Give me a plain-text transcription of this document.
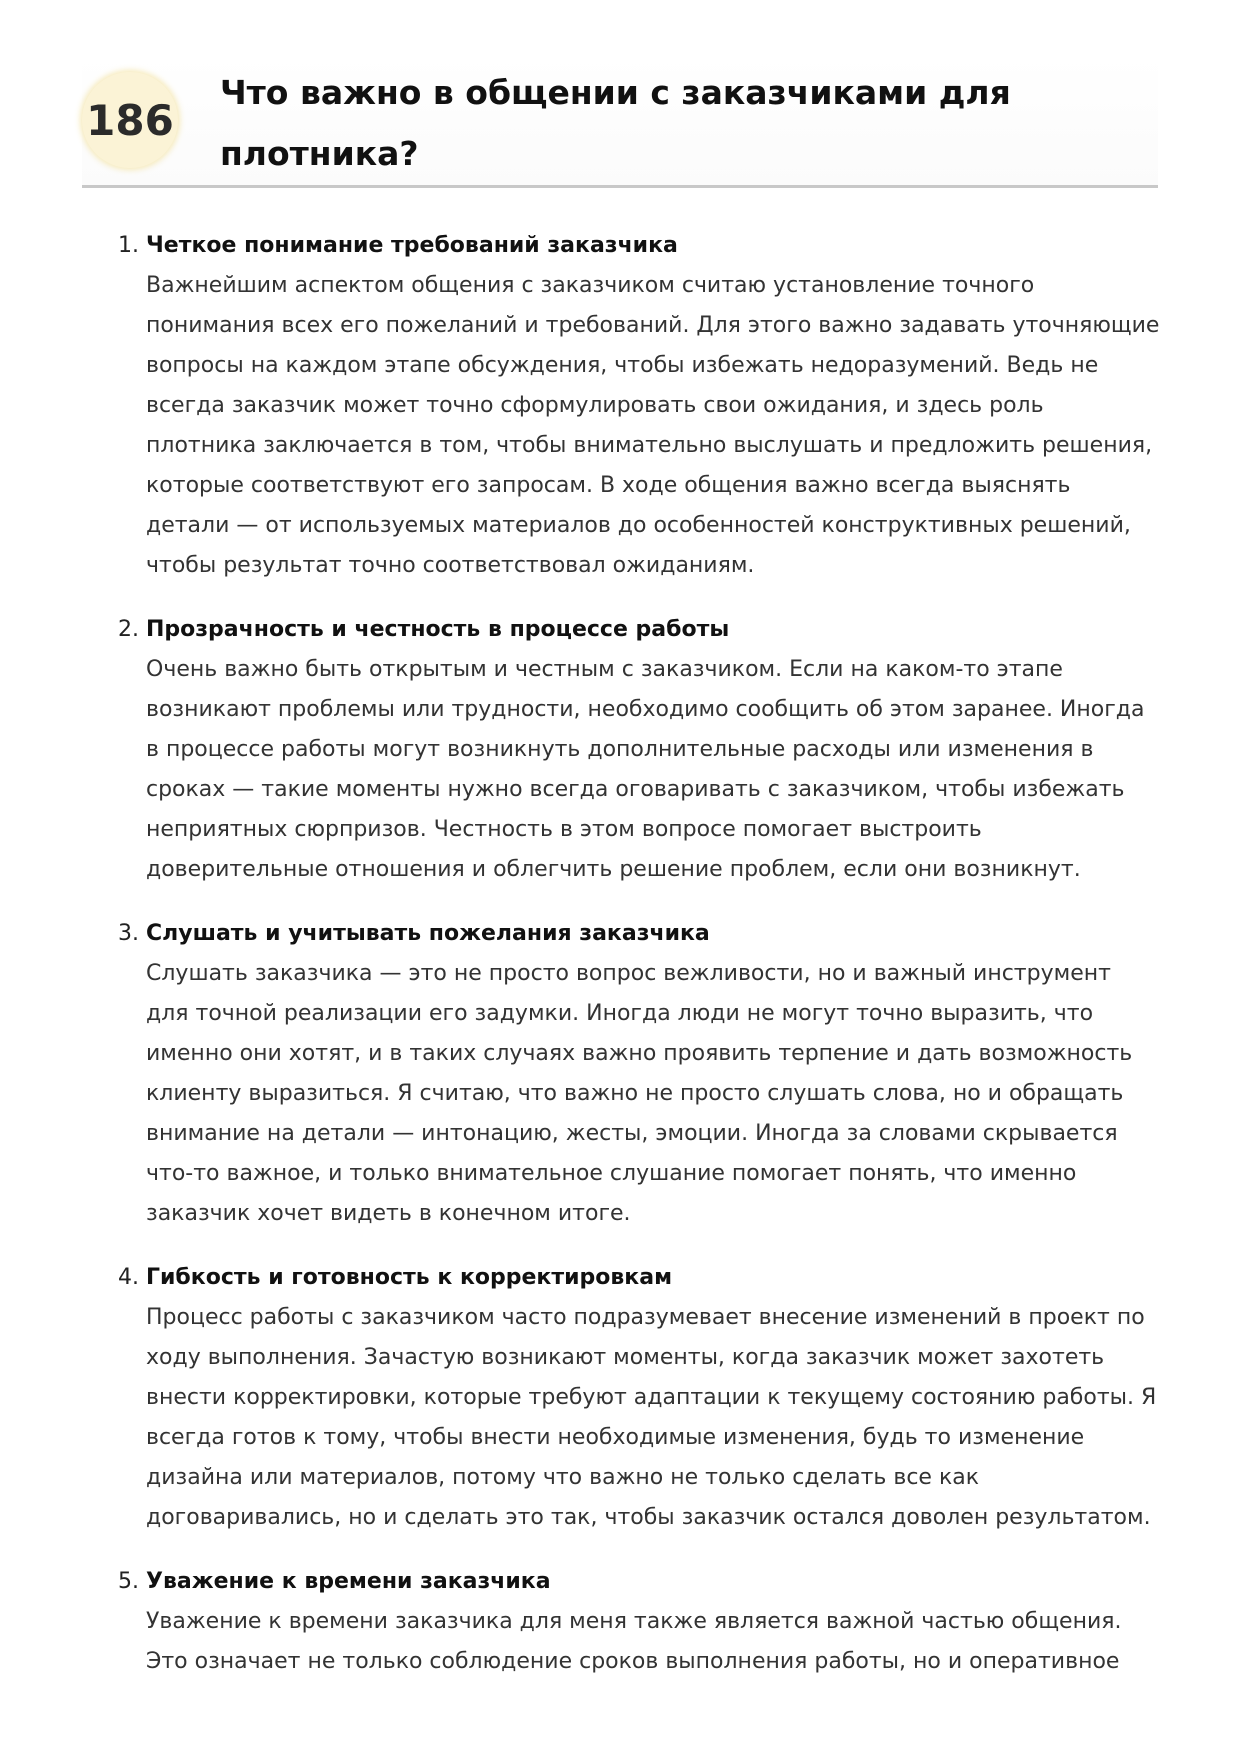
186
Что важно в общении с заказчиками для плотника?
1. Четкое понимание требований заказчика

Важнейшим аспектом общения с заказчиком считаю установление точного понимания всех его пожеланий и требований. Для этого важно задавать уточняющие вопросы на каждом этапе обсуждения, чтобы избежать недоразумений. Ведь не всегда заказчик может точно сформулировать свои ожидания, и здесь роль плотника заключается в том, чтобы внимательно выслушать и предложить решения, которые соответствуют его запросам. В ходе общения важно всегда выяснять детали — от используемых материалов до особенностей конструктивных решений, чтобы результат точно соответствовал ожиданиям.

2. Прозрачность и честность в процессе работы

Очень важно быть открытым и честным с заказчиком. Если на каком-то этапе возникают проблемы или трудности, необходимо сообщить об этом заранее. Иногда в процессе работы могут возникнуть дополнительные расходы или изменения в сроках — такие моменты нужно всегда оговаривать с заказчиком, чтобы избежать неприятных сюрпризов. Честность в этом вопросе помогает выстроить доверительные отношения и облегчить решение проблем, если они возникнут.

3. Слушать и учитывать пожелания заказчика

Слушать заказчика — это не просто вопрос вежливости, но и важный инструмент для точной реализации его задумки. Иногда люди не могут точно выразить, что именно они хотят, и в таких случаях важно проявить терпение и дать возможность клиенту выразиться. Я считаю, что важно не просто слушать слова, но и обращать внимание на детали — интонацию, жесты, эмоции. Иногда за словами скрывается что-то важное, и только внимательное слушание помогает понять, что именно заказчик хочет видеть в конечном итоге.

4. Гибкость и готовность к корректировкам

Процесс работы с заказчиком часто подразумевает внесение изменений в проект по ходу выполнения. Зачастую возникают моменты, когда заказчик может захотеть внести корректировки, которые требуют адаптации к текущему состоянию работы. Я всегда готов к тому, чтобы внести необходимые изменения, будь то изменение дизайна или материалов, потому что важно не только сделать все как договаривались, но и сделать это так, чтобы заказчик остался доволен результатом.

5. Уважение к времени заказчика

Уважение к времени заказчика для меня также является важной частью общения. Это означает не только соблюдение сроков выполнения работы, но и оперативное
